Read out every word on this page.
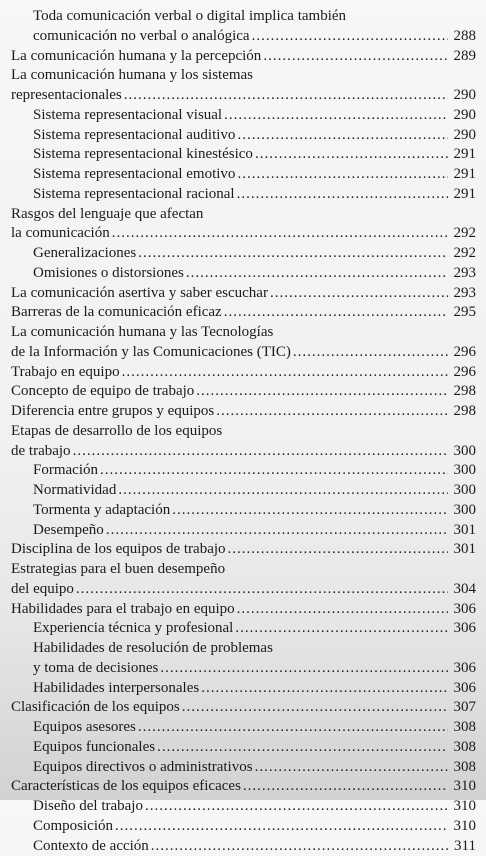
Toda comunicación verbal o digital implica también
comunicación no verbal o analógica .....	288
La comunicación humana y la percepción .....	289
La comunicación humana y los sistemas
representacionales .....	290
Sistema representacional visual .....	290
Sistema representacional auditivo .....	290
Sistema representacional kinestésico .....	291
Sistema representacional emotivo .....	291
Sistema representacional racional .....	291
Rasgos del lenguaje que afectan
la comunicación .....	292
Generalizaciones .....	292
Omisiones o distorsiones .....	293
La comunicación asertiva y saber escuchar .....	293
Barreras de la comunicación eficaz .....	295
La comunicación humana y las Tecnologías
de la Información y las Comunicaciones (TIC) .....	296
Trabajo en equipo .....	296
Concepto de equipo de trabajo .....	298
Diferencia entre grupos y equipos .....	298
Etapas de desarrollo de los equipos
de trabajo .....	300
Formación .....	300
Normatividad .....	300
Tormenta y adaptación .....	300
Desempeño .....	301
Disciplina de los equipos de trabajo .....	301
Estrategias para el buen desempeño
del equipo .....	304
Habilidades para el trabajo en equipo .....	306
Experiencia técnica y profesional .....	306
Habilidades de resolución de problemas
y toma de decisiones .....	306
Habilidades interpersonales .....	306
Clasificación de los equipos .....	307
Equipos asesores .....	308
Equipos funcionales .....	308
Equipos directivos o administrativos .....	308
Características de los equipos eficaces .....	310
Diseño del trabajo .....	310
Composición .....	310
Contexto de acción .....	311
